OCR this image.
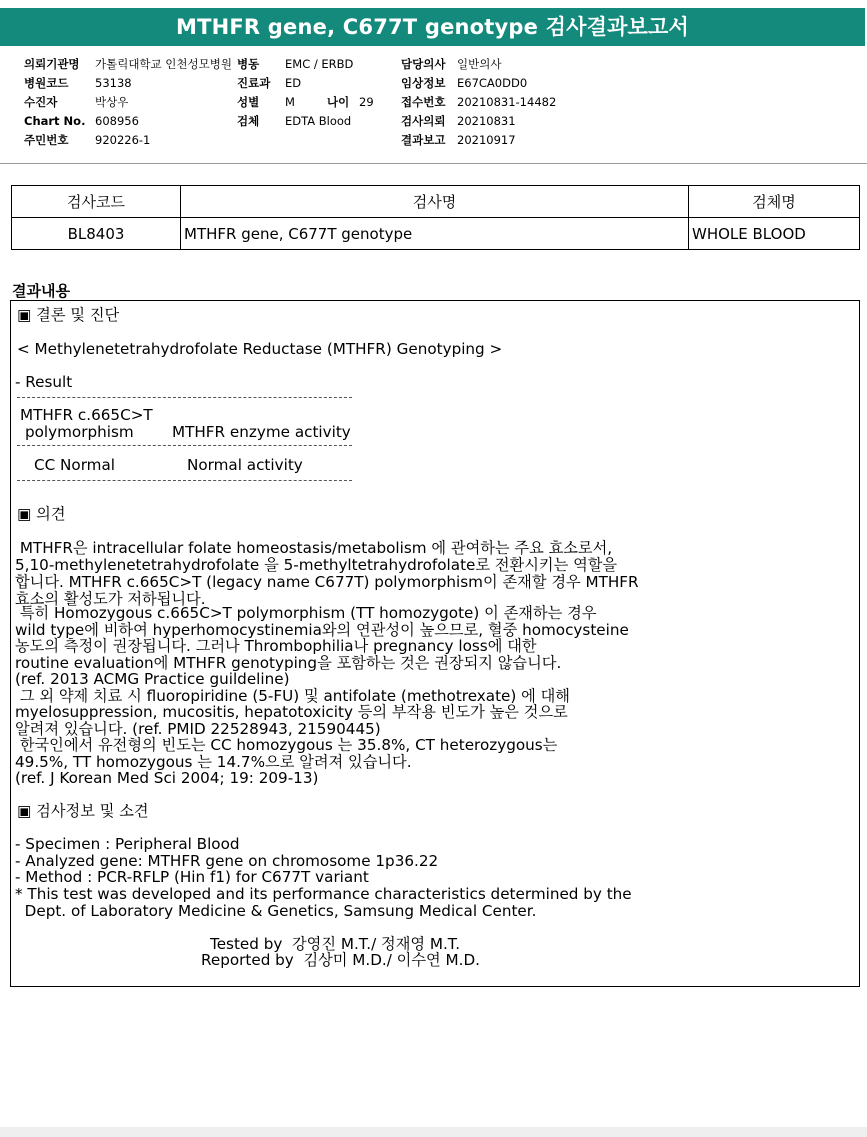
MTHFR gene, C677T genotype 검사결과보고서
의뢰기관명 가톨릭대학교 인천성모병원
병원코드 53138
수진자	박상우
Chart No. 608956
주민번호 920226-1
병동 EMC / ERBD
진료과 ED
성별 M	나이 29
검체 EDTA Blood
담당의사 일반의사
임상정보 E67CA0DD0
접수번호 20210831-14482
검사의뢰 20210831
결과보고 20210917
검사코드	검사명	검체명
BL8403	MTHFR gene, C677T genotype	WHOLE BLOOD
결과내용
▣ 결론 및 진단
< Methylenetetrahydrofolate Reductase (MTHFR) Genotyping >
- Result
MTHFR c.665C>T
polymorphism	MTHFR enzyme activity
CC Normal	Normal activity
▣ 의견
MTHFR은 intracellular folate homeostasis/metabolism 에 관여하는 주요 효소로서,
5,10-methylenetetrahydrofolate 을 5-methyltetrahydrofolate로 전환시키는 역할을
합니다. MTHFR c.665C>T (legacy name C677T) polymorphism이 존재할 경우 MTHFR
효소의 활성도가 저하됩니다.
특히 Homozygous c.665C>T polymorphism (TT homozygote) 이 존재하는 경우
wild type에 비하여 hyperhomocystinemia와의 연관성이 높으므로, 혈중 homocysteine
농도의 측정이 권장됩니다. 그러나 Thrombophilia나 pregnancy loss에 대한
routine evaluation에 MTHFR genotyping을 포함하는 것은 권장되지 않습니다.
(ref. 2013 ACMG Practice guildeline)
그 외 약제 치료 시 fluoropiridine (5-FU) 및 antifolate (methotrexate) 에 대해
myelosuppression, mucositis, hepatotoxicity 등의 부작용 빈도가 높은 것으로
알려져 있습니다. (ref. PMID 22528943, 21590445)
한국인에서 유전형의 빈도는 CC homozygous 는 35.8%, CT heterozygous는
49.5%, TT homozygous 는 14.7%으로 알려져 있습니다.
(ref. J Korean Med Sci 2004; 19: 209-13)
▣ 검사정보 및 소견
- Specimen : Peripheral Blood
- Analyzed gene: MTHFR gene on chromosome 1p36.22
- Method : PCR-RFLP (Hin f1) for C677T variant
* This test was developed and its performance characteristics determined by the
Dept. of Laboratory Medicine & Genetics, Samsung Medical Center.
Tested by  강영진 M.T./ 정재영 M.T.
Reported by  김상미 M.D./ 이수연 M.D.
